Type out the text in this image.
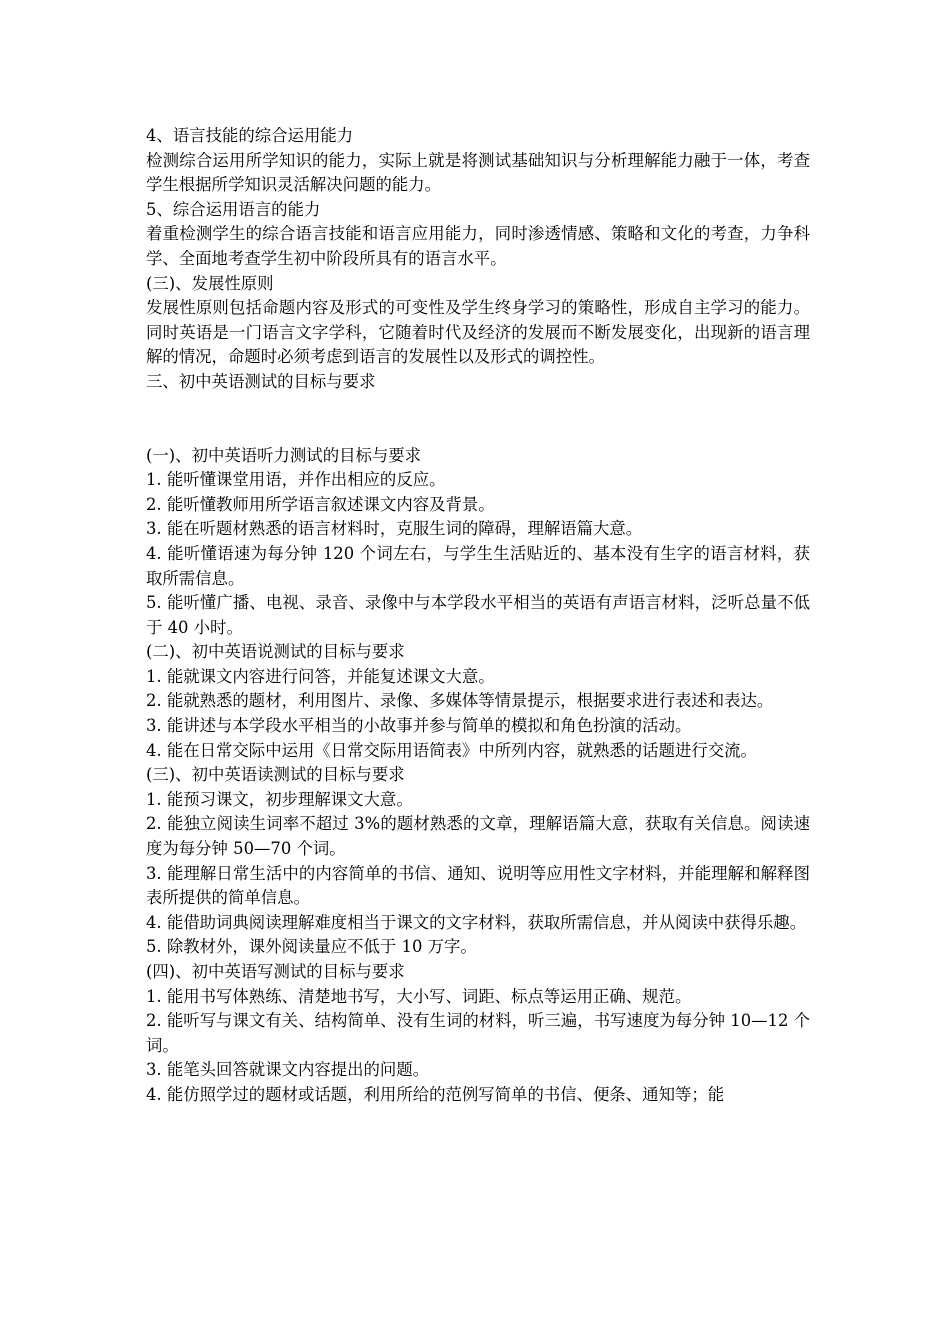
4、语言技能的综合运用能力

检测综合运用所学知识的能力，实际上就是将测试基础知识与分析理解能力融于一体，考查学生根据所学知识灵活解决问题的能力。

5、综合运用语言的能力

着重检测学生的综合语言技能和语言应用能力，同时渗透情感、策略和文化的考查，力争科学、全面地考查学生初中阶段所具有的语言水平。

(三)、发展性原则

发展性原则包括命题内容及形式的可变性及学生终身学习的策略性，形成自主学习的能力。同时英语是一门语言文字学科，它随着时代及经济的发展而不断发展变化，出现新的语言理解的情况，命题时必须考虑到语言的发展性以及形式的调控性。

三、初中英语测试的目标与要求

(一)、初中英语听力测试的目标与要求

1. 能听懂课堂用语，并作出相应的反应。

2. 能听懂教师用所学语言叙述课文内容及背景。

3. 能在听题材熟悉的语言材料时，克服生词的障碍，理解语篇大意。

4. 能听懂语速为每分钟 120 个词左右，与学生生活贴近的、基本没有生字的语言材料，获取所需信息。

5. 能听懂广播、电视、录音、录像中与本学段水平相当的英语有声语言材料，泛听总量不低于 40 小时。

(二)、初中英语说测试的目标与要求

1. 能就课文内容进行问答，并能复述课文大意。

2. 能就熟悉的题材，利用图片、录像、多媒体等情景提示，根据要求进行表述和表达。

3. 能讲述与本学段水平相当的小故事并参与简单的模拟和角色扮演的活动。

4. 能在日常交际中运用《日常交际用语简表》中所列内容，就熟悉的话题进行交流。

(三)、初中英语读测试的目标与要求

1. 能预习课文，初步理解课文大意。

2. 能独立阅读生词率不超过 3%的题材熟悉的文章，理解语篇大意，获取有关信息。阅读速度为每分钟 50—70 个词。

3. 能理解日常生活中的内容简单的书信、通知、说明等应用性文字材料，并能理解和解释图表所提供的简单信息。

4. 能借助词典阅读理解难度相当于课文的文字材料，获取所需信息，并从阅读中获得乐趣。

5. 除教材外，课外阅读量应不低于 10 万字。

(四)、初中英语写测试的目标与要求

1. 能用书写体熟练、清楚地书写，大小写、词距、标点等运用正确、规范。

2. 能听写与课文有关、结构简单、没有生词的材料，听三遍，书写速度为每分钟 10—12 个词。

3. 能笔头回答就课文内容提出的问题。

4. 能仿照学过的题材或话题，利用所给的范例写简单的书信、便条、通知等；能
